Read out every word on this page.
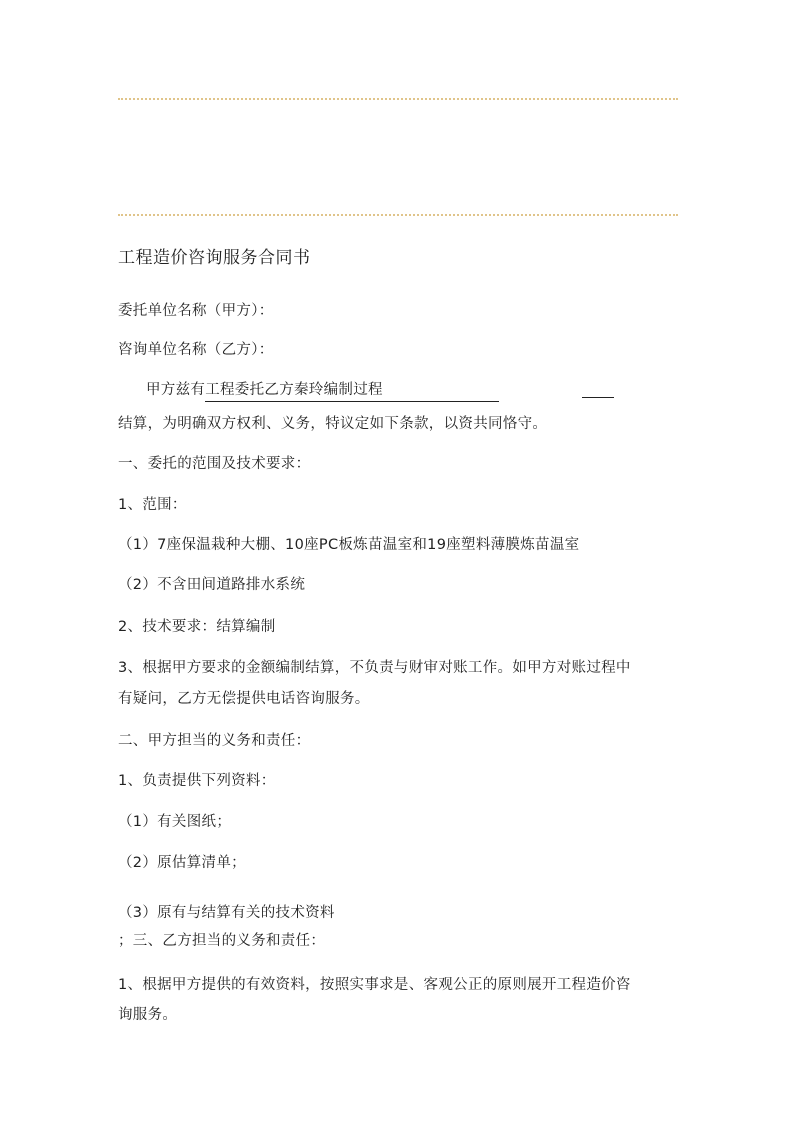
工程造价咨询服务合同书
委托单位名称（甲方）：
咨询单位名称（乙方）：
甲方兹有工程委托乙方秦玲编制过程
结算，为明确双方权利、义务，特议定如下条款，以资共同恪守。
一、委托的范围及技术要求：
1、范围：
（1）7座保温栽种大棚、10座PC板炼苗温室和19座塑料薄膜炼苗温室
（2）不含田间道路排水系统
2、技术要求：结算编制
3、根据甲方要求的金额编制结算，不负责与财审对账工作。如甲方对账过程中
有疑问，乙方无偿提供电话咨询服务。
二、甲方担当的义务和责任：
1、负责提供下列资料：
（1）有关图纸；
（2）原估算清单；
（3）原有与结算有关的技术资料
；三、乙方担当的义务和责任：
1、根据甲方提供的有效资料，按照实事求是、客观公正的原则展开工程造价咨
询服务。
